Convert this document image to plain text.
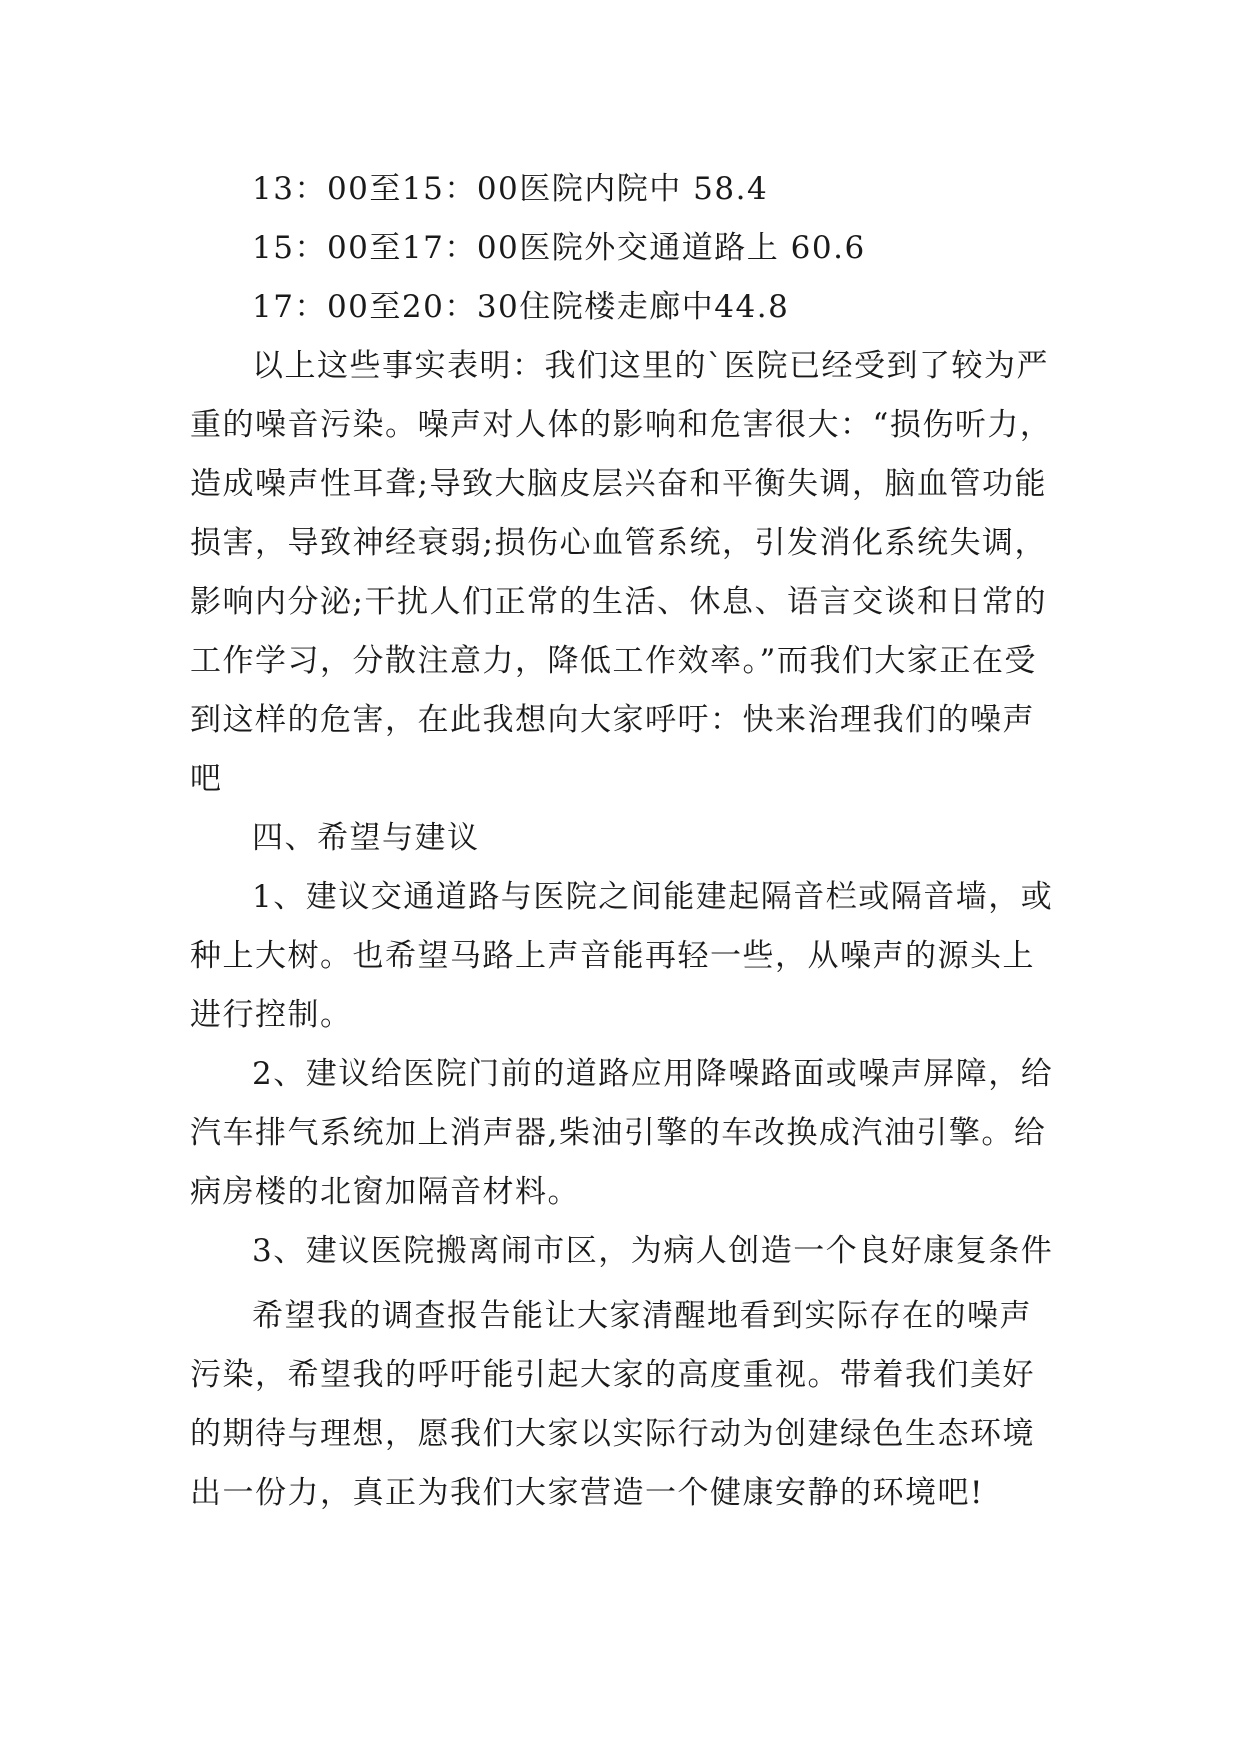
13：00至15：00医院内院中 58.4

15：00至17：00医院外交通道路上 60.6

17：00至20：30住院楼走廊中44.8

以上这些事实表明：我们这里的`医院已经受到了较为严重的噪音污染。噪声对人体的影响和危害很大：“损伤听力，造成噪声性耳聋;导致大脑皮层兴奋和平衡失调，脑血管功能损害，导致神经衰弱;损伤心血管系统，引发消化系统失调，影响内分泌;干扰人们正常的生活、休息、语言交谈和日常的工作学习，分散注意力，降低工作效率。”而我们大家正在受到这样的危害，在此我想向大家呼吁：快来治理我们的噪声吧

四、希望与建议

1、建议交通道路与医院之间能建起隔音栏或隔音墙，或种上大树。也希望马路上声音能再轻一些，从噪声的源头上进行控制。

2、建议给医院门前的道路应用降噪路面或噪声屏障，给汽车排气系统加上消声器,柴油引擎的车改换成汽油引擎。给病房楼的北窗加隔音材料。

3、建议医院搬离闹市区，为病人创造一个良好康复条件

希望我的调查报告能让大家清醒地看到实际存在的噪声污染，希望我的呼吁能引起大家的高度重视。带着我们美好的期待与理想，愿我们大家以实际行动为创建绿色生态环境出一份力，真正为我们大家营造一个健康安静的环境吧!
